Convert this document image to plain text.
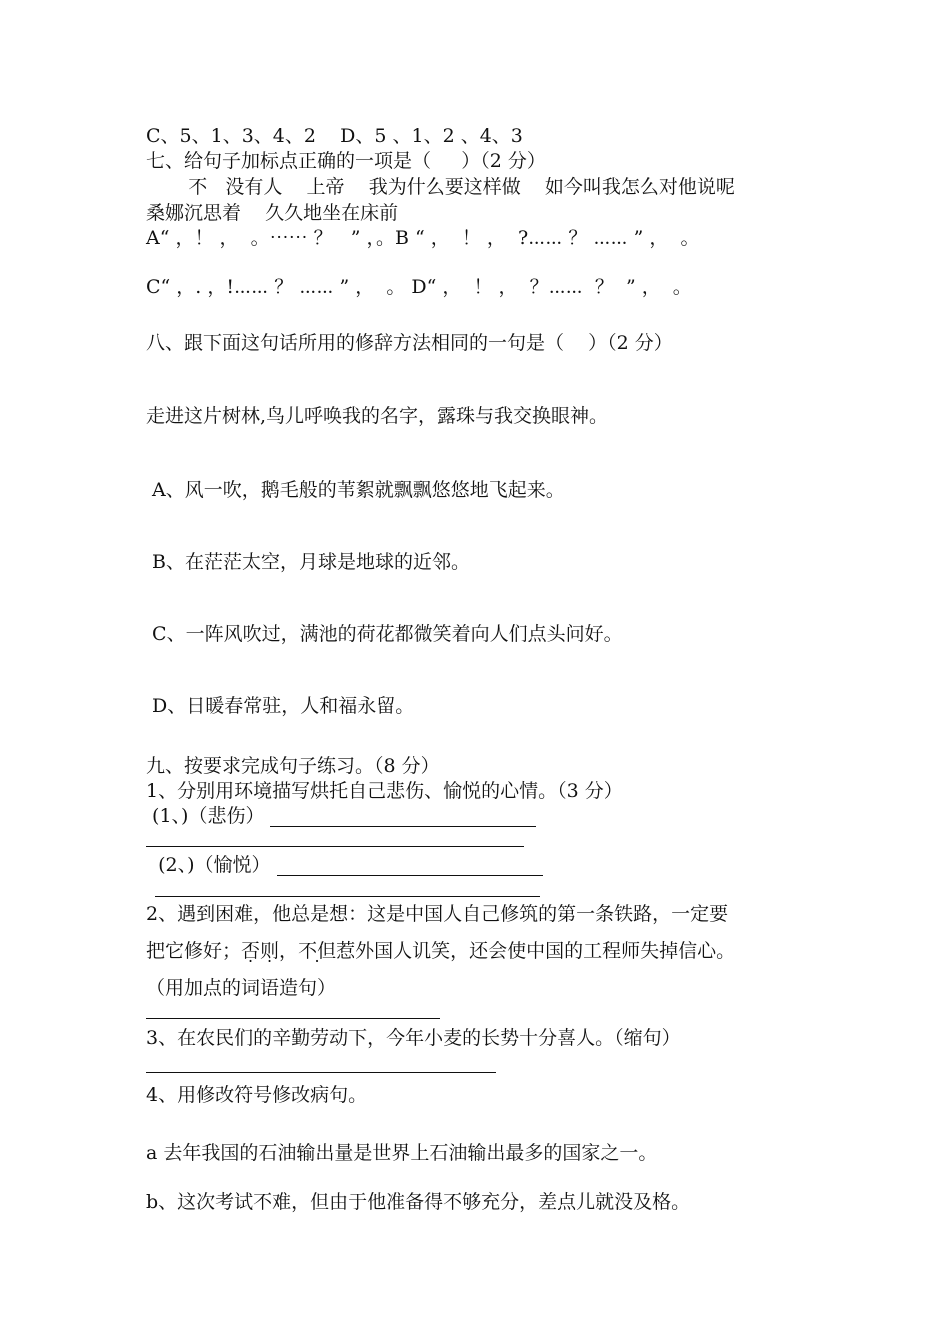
C、5、1、3、4、2    D、5 、1、2 、4、3
七、给句子加标点正确的一项是（     ）（2 分）
不   没有人    上帝    我为什么要这样做    如今叫我怎么对他说呢
桑娜沉思着    久久地坐在床前
A“ ，！ ，  。⋯⋯ ？   ” ，。B “ ，  ！ ，  ?⋯⋯ ？ ⋯⋯ ” ，  。
C“ ，. ，!⋯⋯ ？ ⋯⋯ ” ，  。 D“ ，  ！ ，  ？⋯⋯  ？  ” ，  。
八、跟下面这句话所用的修辞方法相同的一句是（    ）（2 分）
走进这片树林,鸟儿呼唤我的名字，露珠与我交换眼神。
A、风一吹，鹅毛般的苇絮就飘飘悠悠地飞起来。
B、在茫茫太空，月球是地球的近邻。
C、一阵风吹过，满池的荷花都微笑着向人们点头问好。
D、日暖春常驻，人和福永留。
九、按要求完成句子练习。（8 分）
1、分别用环境描写烘托自己悲伤、愉悦的心情。（3 分）
(1、)（悲伤）
(2、)（愉悦）
2、遇到困难，他总是想：这是中国人自己修筑的第一条铁路，一定要
把它修好；否则，不但惹外国人讥笑，还会使中国的工程师失掉信心。
（用加点的词语造句）
3、在农民们的辛勤劳动下，今年小麦的长势十分喜人。（缩句）
4、用修改符号修改病句。
a 去年我国的石油输出量是世界上石油输出最多的国家之一。
b、这次考试不难，但由于他准备得不够充分，差点儿就没及格。
